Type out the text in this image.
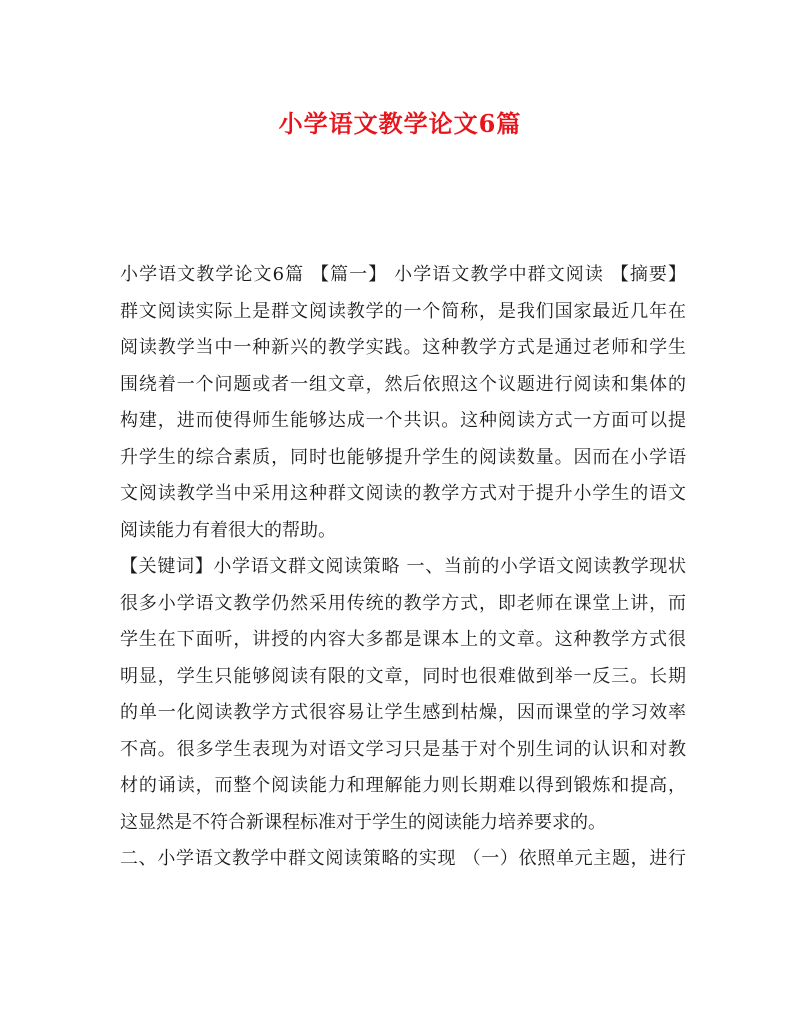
小学语文教学论文6篇
小学语文教学论文6篇 【篇一】 小学语文教学中群文阅读 【摘要】
群文阅读实际上是群文阅读教学的一个简称，是我们国家最近几年在
阅读教学当中一种新兴的教学实践。这种教学方式是通过老师和学生
围绕着一个问题或者一组文章，然后依照这个议题进行阅读和集体的
构建，进而使得师生能够达成一个共识。这种阅读方式一方面可以提
升学生的综合素质，同时也能够提升学生的阅读数量。因而在小学语
文阅读教学当中采用这种群文阅读的教学方式对于提升小学生的语文
阅读能力有着很大的帮助。
【关键词】小学语文群文阅读策略 一、当前的小学语文阅读教学现状
很多小学语文教学仍然采用传统的教学方式，即老师在课堂上讲，而
学生在下面听，讲授的内容大多都是课本上的文章。这种教学方式很
明显，学生只能够阅读有限的文章，同时也很难做到举一反三。长期
的单一化阅读教学方式很容易让学生感到枯燥，因而课堂的学习效率
不高。很多学生表现为对语文学习只是基于对个别生词的认识和对教
材的诵读，而整个阅读能力和理解能力则长期难以得到锻炼和提高，
这显然是不符合新课程标准对于学生的阅读能力培养要求的。
二、小学语文教学中群文阅读策略的实现 （一）依照单元主题，进行
